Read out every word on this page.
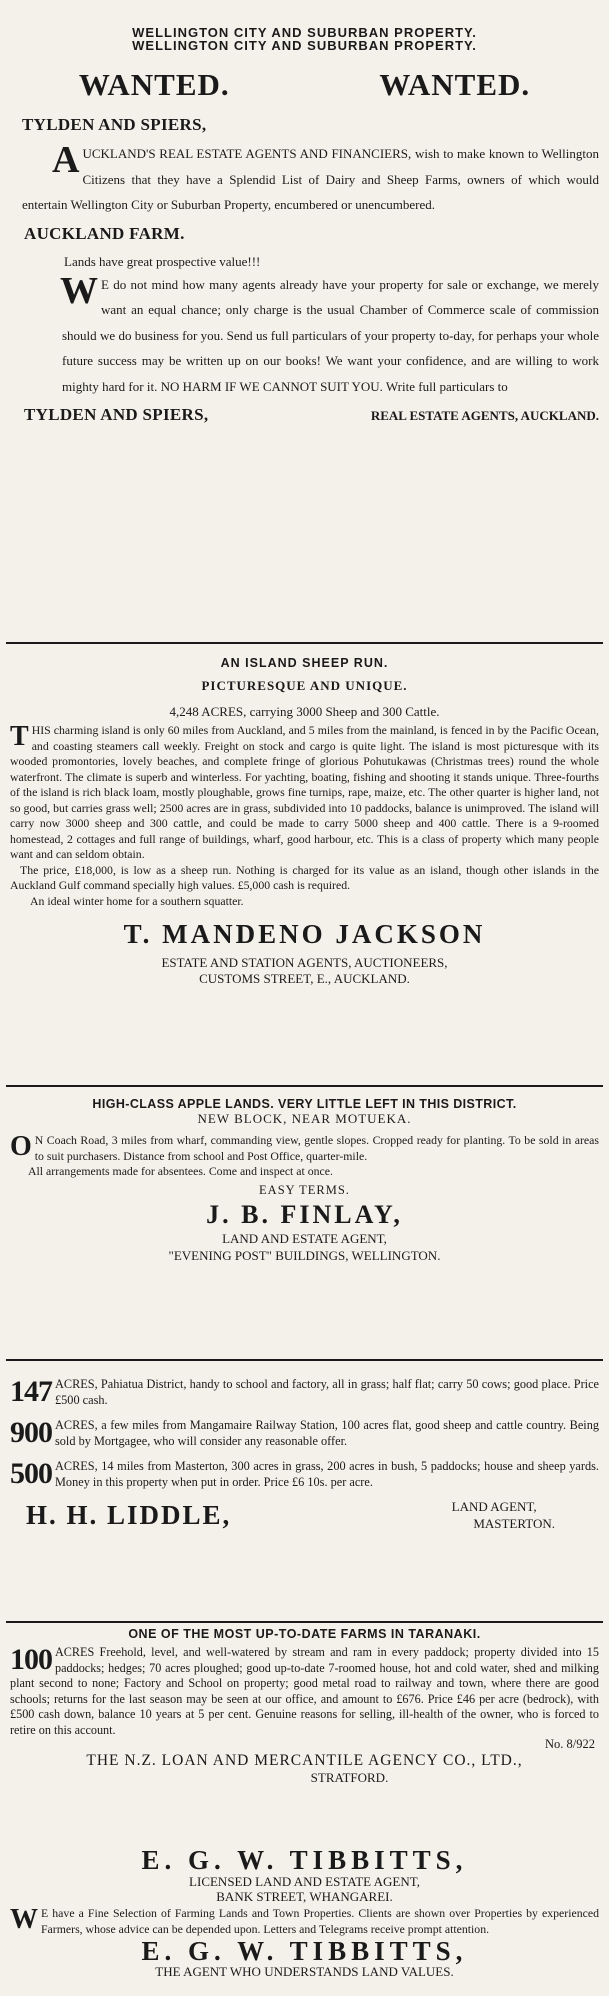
WELLINGTON CITY AND SUBURBAN PROPERTY.
WELLINGTON CITY AND SUBURBAN PROPERTY.
WANTED.	WANTED.
TYLDEN AND SPIERS,
A UCKLAND'S REAL ESTATE AGENTS AND FINANCIERS, wish to make known to Wellington Citizens that they have a Splendid List of Dairy and Sheep Farms, owners of which would entertain Wellington City or Suburban Property, encumbered or unencumbered.
AUCKLAND FARM.
Lands have great prospective value!!!
W E do not mind how many agents already have your property for sale or exchange, we merely want an equal chance; only charge is the usual Chamber of Commerce scale of commission should we do business for you. Send us full particulars of your property to-day, for perhaps your whole future success may be written up on our books! We want your confidence, and are willing to work mighty hard for it. NO HARM IF WE CANNOT SUIT YOU. Write full particulars to
TYLDEN AND SPIERS,	REAL ESTATE AGENTS, AUCKLAND.
AN ISLAND SHEEP RUN.
PICTURESQUE AND UNIQUE.
4,248 ACRES, carrying 3000 Sheep and 300 Cattle.
T HIS charming island is only 60 miles from Auckland, and 5 miles from the mainland, is fenced in by the Pacific Ocean, and coasting steamers call weekly. Freight on stock and cargo is quite light. The island is most picturesque with its wooded promontories, lovely beaches, and complete fringe of glorious Pohutukawas (Christmas trees) round the whole waterfront. The climate is superb and winterless. For yachting, boating, fishing and shooting it stands unique. Three-fourths of the island is rich black loam, mostly ploughable, grows fine turnips, rape, maize, etc. The other quarter is higher land, not so good, but carries grass well; 2500 acres are in grass, subdivided into 10 paddocks, balance is unimproved. The island will carry now 3000 sheep and 300 cattle, and could be made to carry 5000 sheep and 400 cattle. There is a 9-roomed homestead, 2 cottages and full range of buildings, wharf, good harbour, etc. This is a class of property which many people want and can seldom obtain.
The price, £18,000, is low as a sheep run. Nothing is charged for its value as an island, though other islands in the Auckland Gulf command specially high values. £5,000 cash is required.
An ideal winter home for a southern squatter.
T. MANDENO JACKSON
ESTATE AND STATION AGENTS, AUCTIONEERS,
CUSTOMS STREET, E., AUCKLAND.
HIGH-CLASS APPLE LANDS. VERY LITTLE LEFT IN THIS DISTRICT.
NEW BLOCK, NEAR MOTUEKA.
O N Coach Road, 3 miles from wharf, commanding view, gentle slopes. Cropped ready for planting. To be sold in areas to suit purchasers. Distance from school and Post Office, quarter-mile.
All arrangements made for absentees. Come and inspect at once.
EASY TERMS.
J. B. FINLAY,
LAND AND ESTATE AGENT,
"EVENING POST" BUILDINGS, WELLINGTON.
147 ACRES, Pahiatua District, handy to school and factory, all in grass; half flat; carry 50 cows; good place. Price £500 cash.
900 ACRES, a few miles from Mangamaire Railway Station, 100 acres flat, good sheep and cattle country. Being sold by Mortgagee, who will consider any reasonable offer.
500 ACRES, 14 miles from Masterton, 300 acres in grass, 200 acres in bush, 5 paddocks; house and sheep yards. Money in this property when put in order. Price £6 10s. per acre.
H. H. LIDDLE,	LAND AGENT,
MASTERTON.
ONE OF THE MOST UP-TO-DATE FARMS IN TARANAKI.
100 ACRES Freehold, level, and well-watered by stream and ram in every paddock; property divided into 15 paddocks; hedges; 70 acres ploughed; good up-to-date 7-roomed house, hot and cold water, shed and milking plant second to none; Factory and School on property; good metal road to railway and town, where there are good schools; returns for the last season may be seen at our office, and amount to £676. Price £46 per acre (bedrock), with £500 cash down, balance 10 years at 5 per cent. Genuine reasons for selling, ill-health of the owner, who is forced to retire on this account.
No. 8/922
THE N.Z. LOAN AND MERCANTILE AGENCY CO., LTD.,
STRATFORD.
E. G. W. TIBBITTS,
LICENSED LAND AND ESTATE AGENT,
BANK STREET, WHANGAREI.
W E have a Fine Selection of Farming Lands and Town Properties. Clients are shown over Properties by experienced Farmers, whose advice can be depended upon. Letters and Telegrams receive prompt attention.
E. G. W. TIBBITTS,
THE AGENT WHO UNDERSTANDS LAND VALUES.
